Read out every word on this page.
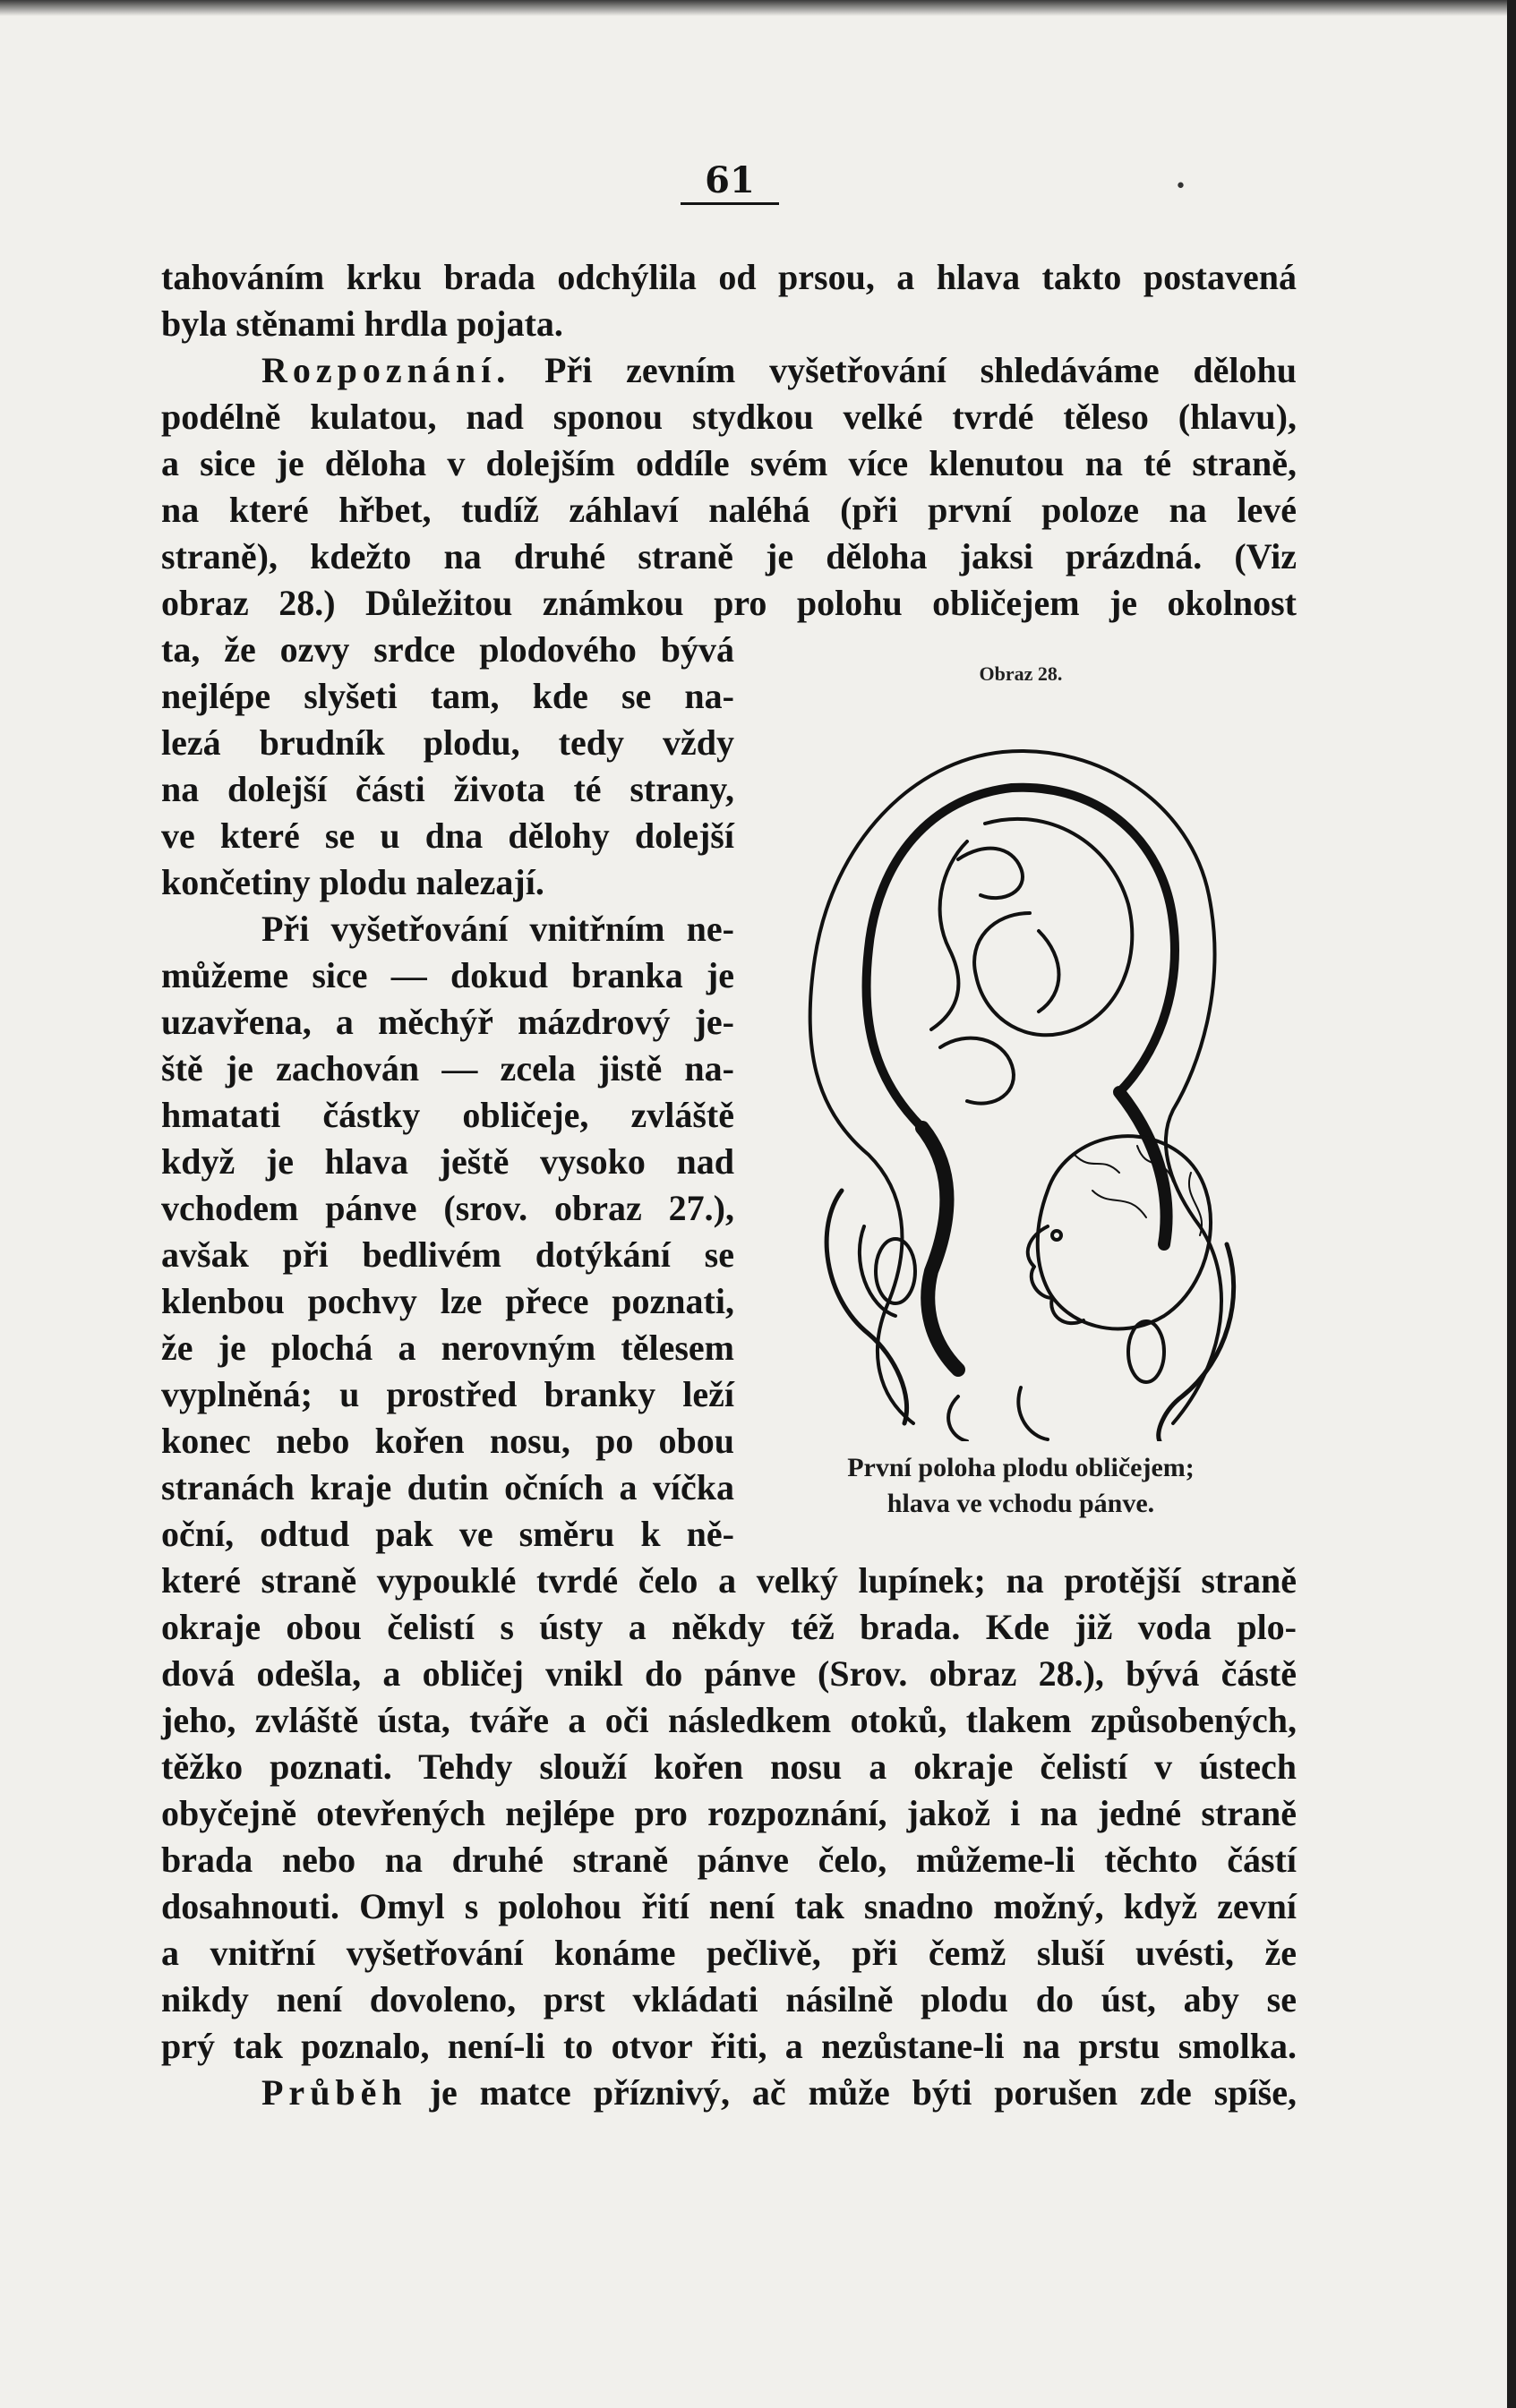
61	•
tahováním krku brada odchýlila od prsou, a hlava takto postavená
byla stěnami hrdla pojata.
Rozpoznání. Při zevním vyšetřování shledáváme dělohu
podélně kulatou, nad sponou stydkou velké tvrdé těleso (hlavu),
a sice je děloha v dolejším oddíle svém více klenutou na té straně,
na které hřbet, tudíž záhlaví naléhá (při první poloze na levé
straně), kdežto na druhé straně je děloha jaksi prázdná. (Viz
obraz 28.) Důležitou známkou pro polohu obličejem je okolnost
ta, že ozvy srdce plodového bývá
nejlépe slyšeti tam, kde se na-
lezá brudník plodu, tedy vždy
na dolejší části života té strany,
ve které se u dna dělohy dolejší
končetiny plodu nalezají.
Při vyšetřování vnitřním ne-
můžeme sice — dokud branka je
uzavřena, a měchýř mázdrový je-
ště je zachován — zcela jistě na-
hmatati částky obličeje, zvláště
když je hlava ještě vysoko nad
vchodem pánve (srov. obraz 27.),
avšak při bedlivém dotýkání se
klenbou pochvy lze přece poznati,
že je plochá a nerovným tělesem
vyplněná; u prostřed branky leží
konec nebo kořen nosu, po obou
stranách kraje dutin očních a víčka
oční, odtud pak ve směru k ně-
Obraz 28.
První poloha plodu obličejem;
hlava ve vchodu pánve.
které straně vypouklé tvrdé čelo a velký lupínek; na protější straně
okraje obou čelistí s ústy a někdy též brada. Kde již voda plo-
dová odešla, a obličej vnikl do pánve (Srov. obraz 28.), bývá částě
jeho, zvláště ústa, tváře a oči následkem otoků, tlakem způsobených,
těžko poznati. Tehdy slouží kořen nosu a okraje čelistí v ústech
obyčejně otevřených nejlépe pro rozpoznání, jakož i na jedné straně
brada nebo na druhé straně pánve čelo, můžeme-li těchto částí
dosahnouti. Omyl s polohou řití není tak snadno možný, když zevní
a vnitřní vyšetřování konáme pečlivě, při čemž sluší uvésti, že
nikdy není dovoleno, prst vkládati násilně plodu do úst, aby se
prý tak poznalo, není-li to otvor řiti, a nezůstane-li na prstu smolka.
Průběh je matce příznivý, ač může býti porušen zde spíše,
